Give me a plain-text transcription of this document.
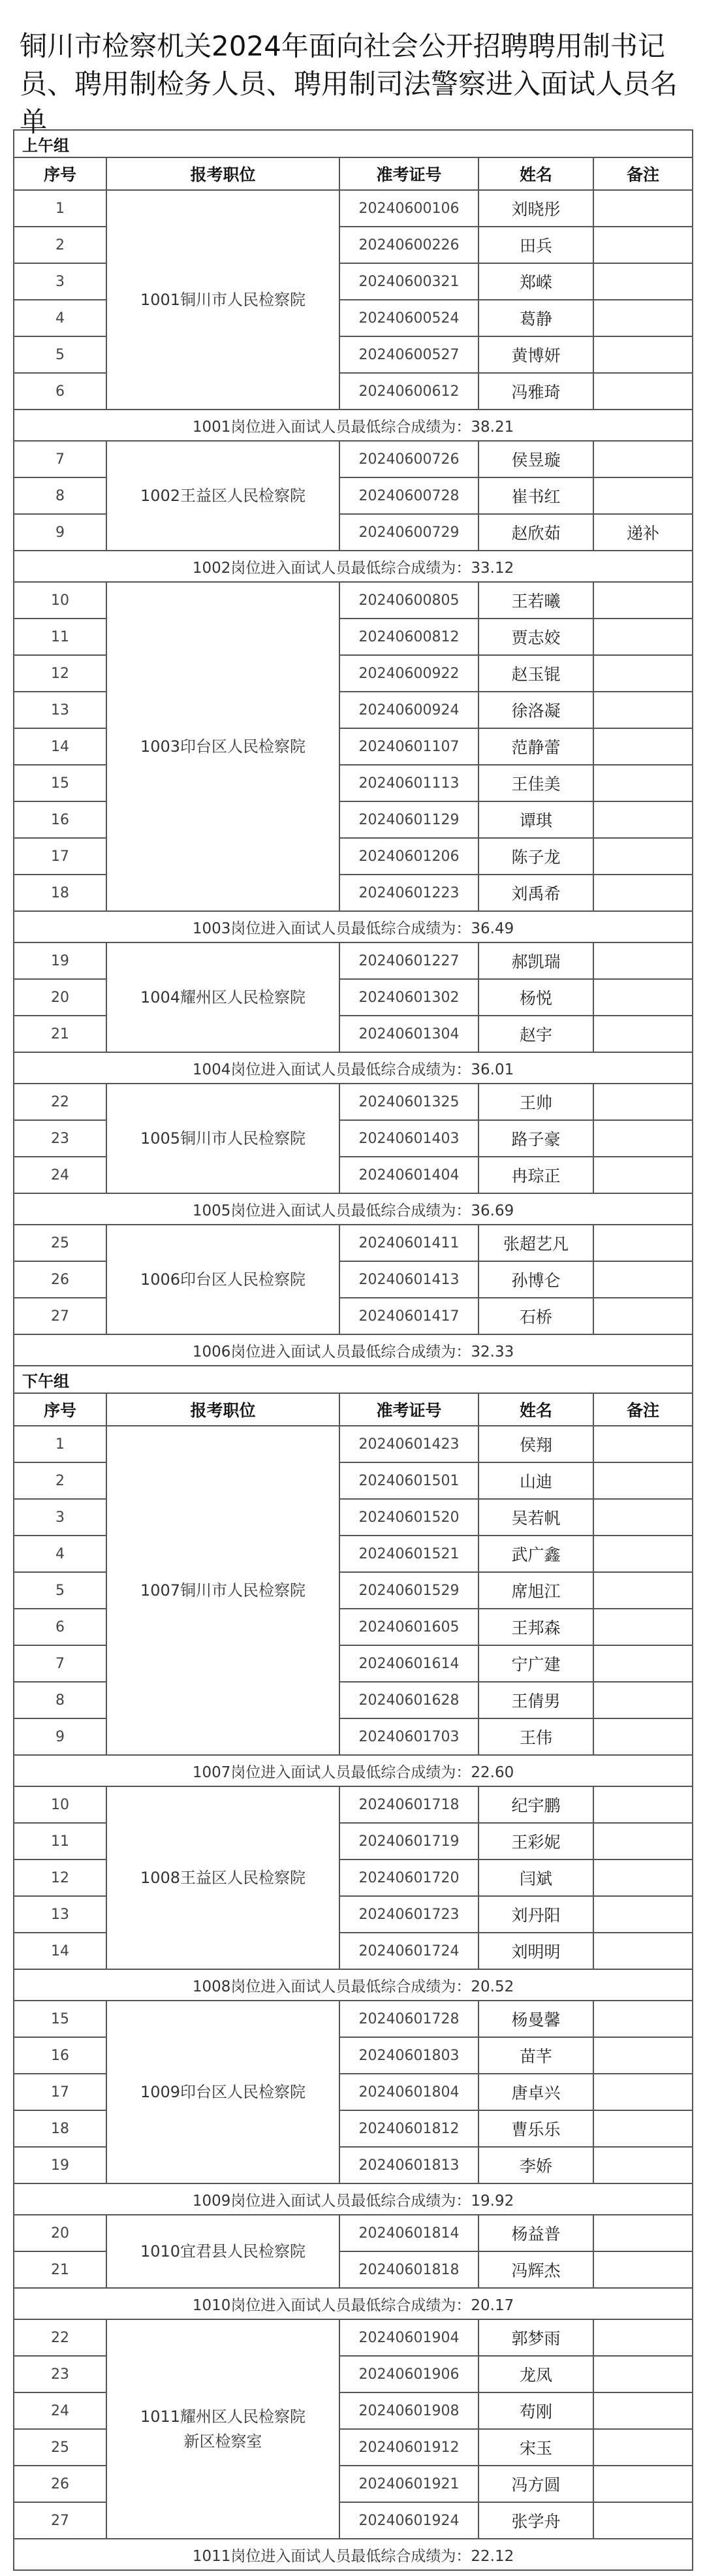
铜川市检察机关2024年面向社会公开招聘聘用制书记员、聘用制检务人员、聘用制司法警察进入面试人员名单
上午组				
序号	报考职位	准考证号	姓名	备注
1	1001铜川市人民检察院	20240600106	刘晓彤	
2		20240600226	田兵	
3		20240600321	郑嵘	
4		20240600524	葛静	
5		20240600527	黄博妍	
6		20240600612	冯雅琦	
1001岗位进入面试人员最低综合成绩为：38.21				
7	1002王益区人民检察院	20240600726	侯昱璇	
8		20240600728	崔书红	
9		20240600729	赵欣茹	递补
1002岗位进入面试人员最低综合成绩为：33.12				
10	1003印台区人民检察院	20240600805	王若曦	
11		20240600812	贾志姣	
12		20240600922	赵玉锟	
13		20240600924	徐洛凝	
14		20240601107	范静蕾	
15		20240601113	王佳美	
16		20240601129	谭琪	
17		20240601206	陈子龙	
18		20240601223	刘禹希	
1003岗位进入面试人员最低综合成绩为：36.49				
19	1004耀州区人民检察院	20240601227	郝凯瑞	
20		20240601302	杨悦	
21		20240601304	赵宇	
1004岗位进入面试人员最低综合成绩为：36.01				
22	1005铜川市人民检察院	20240601325	王帅	
23		20240601403	路子豪	
24		20240601404	冉琮正	
1005岗位进入面试人员最低综合成绩为：36.69				
25	1006印台区人民检察院	20240601411	张超艺凡	
26		20240601413	孙博仑	
27		20240601417	石桥	
1006岗位进入面试人员最低综合成绩为：32.33				
下午组				
序号	报考职位	准考证号	姓名	备注
1	1007铜川市人民检察院	20240601423	侯翔	
2		20240601501	山迪	
3		20240601520	吴若帆	
4		20240601521	武广鑫	
5		20240601529	席旭江	
6		20240601605	王邦森	
7		20240601614	宁广建	
8		20240601628	王倩男	
9		20240601703	王伟	
1007岗位进入面试人员最低综合成绩为：22.60				
10	1008王益区人民检察院	20240601718	纪宇鹏	
11		20240601719	王彩妮	
12		20240601720	闫斌	
13		20240601723	刘丹阳	
14		20240601724	刘明明	
1008岗位进入面试人员最低综合成绩为：20.52				
15	1009印台区人民检察院	20240601728	杨曼馨	
16		20240601803	苗芊	
17		20240601804	唐卓兴	
18		20240601812	曹乐乐	
19		20240601813	李娇	
1009岗位进入面试人员最低综合成绩为：19.92				
20	1010宜君县人民检察院	20240601814	杨益普	
21		20240601818	冯辉杰	
1010岗位进入面试人员最低综合成绩为：20.17				
22	1011耀州区人民检察院
新区检察室	20240601904	郭梦雨	
23		20240601906	龙凤	
24		20240601908	苟刚	
25		20240601912	宋玉	
26		20240601921	冯方圆	
27		20240601924	张学舟	
1011岗位进入面试人员最低综合成绩为：22.12				
